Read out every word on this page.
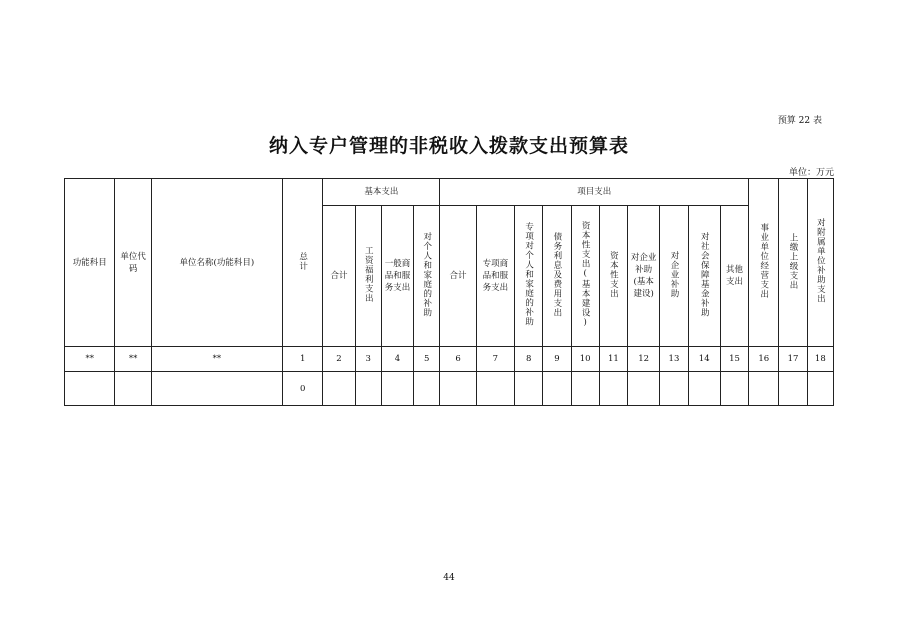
预算 22 表
纳入专户管理的非税收入拨款支出预算表
单位：万元
功能科目	单位代码	单位名称(功能科目)	总计	基本支出				项目支出										事业单位经营支出	上缴上级支出	对附属单位补助支出
				合计	工资福利支出	一般商品和服务支出	对个人和家庭的补助	合计	专项商品和服务支出	专项对个人和家庭的补助	债务利息及费用支出	资本性支出(基本建设)	资本性支出	对企业补助(基本建设)	对企业补助	对社会保障基金补助	其他支出			
**	**	**	1	2	3	4	5	6	7	8	9	10	11	12	13	14	15	16	17	18
			0																	
44
